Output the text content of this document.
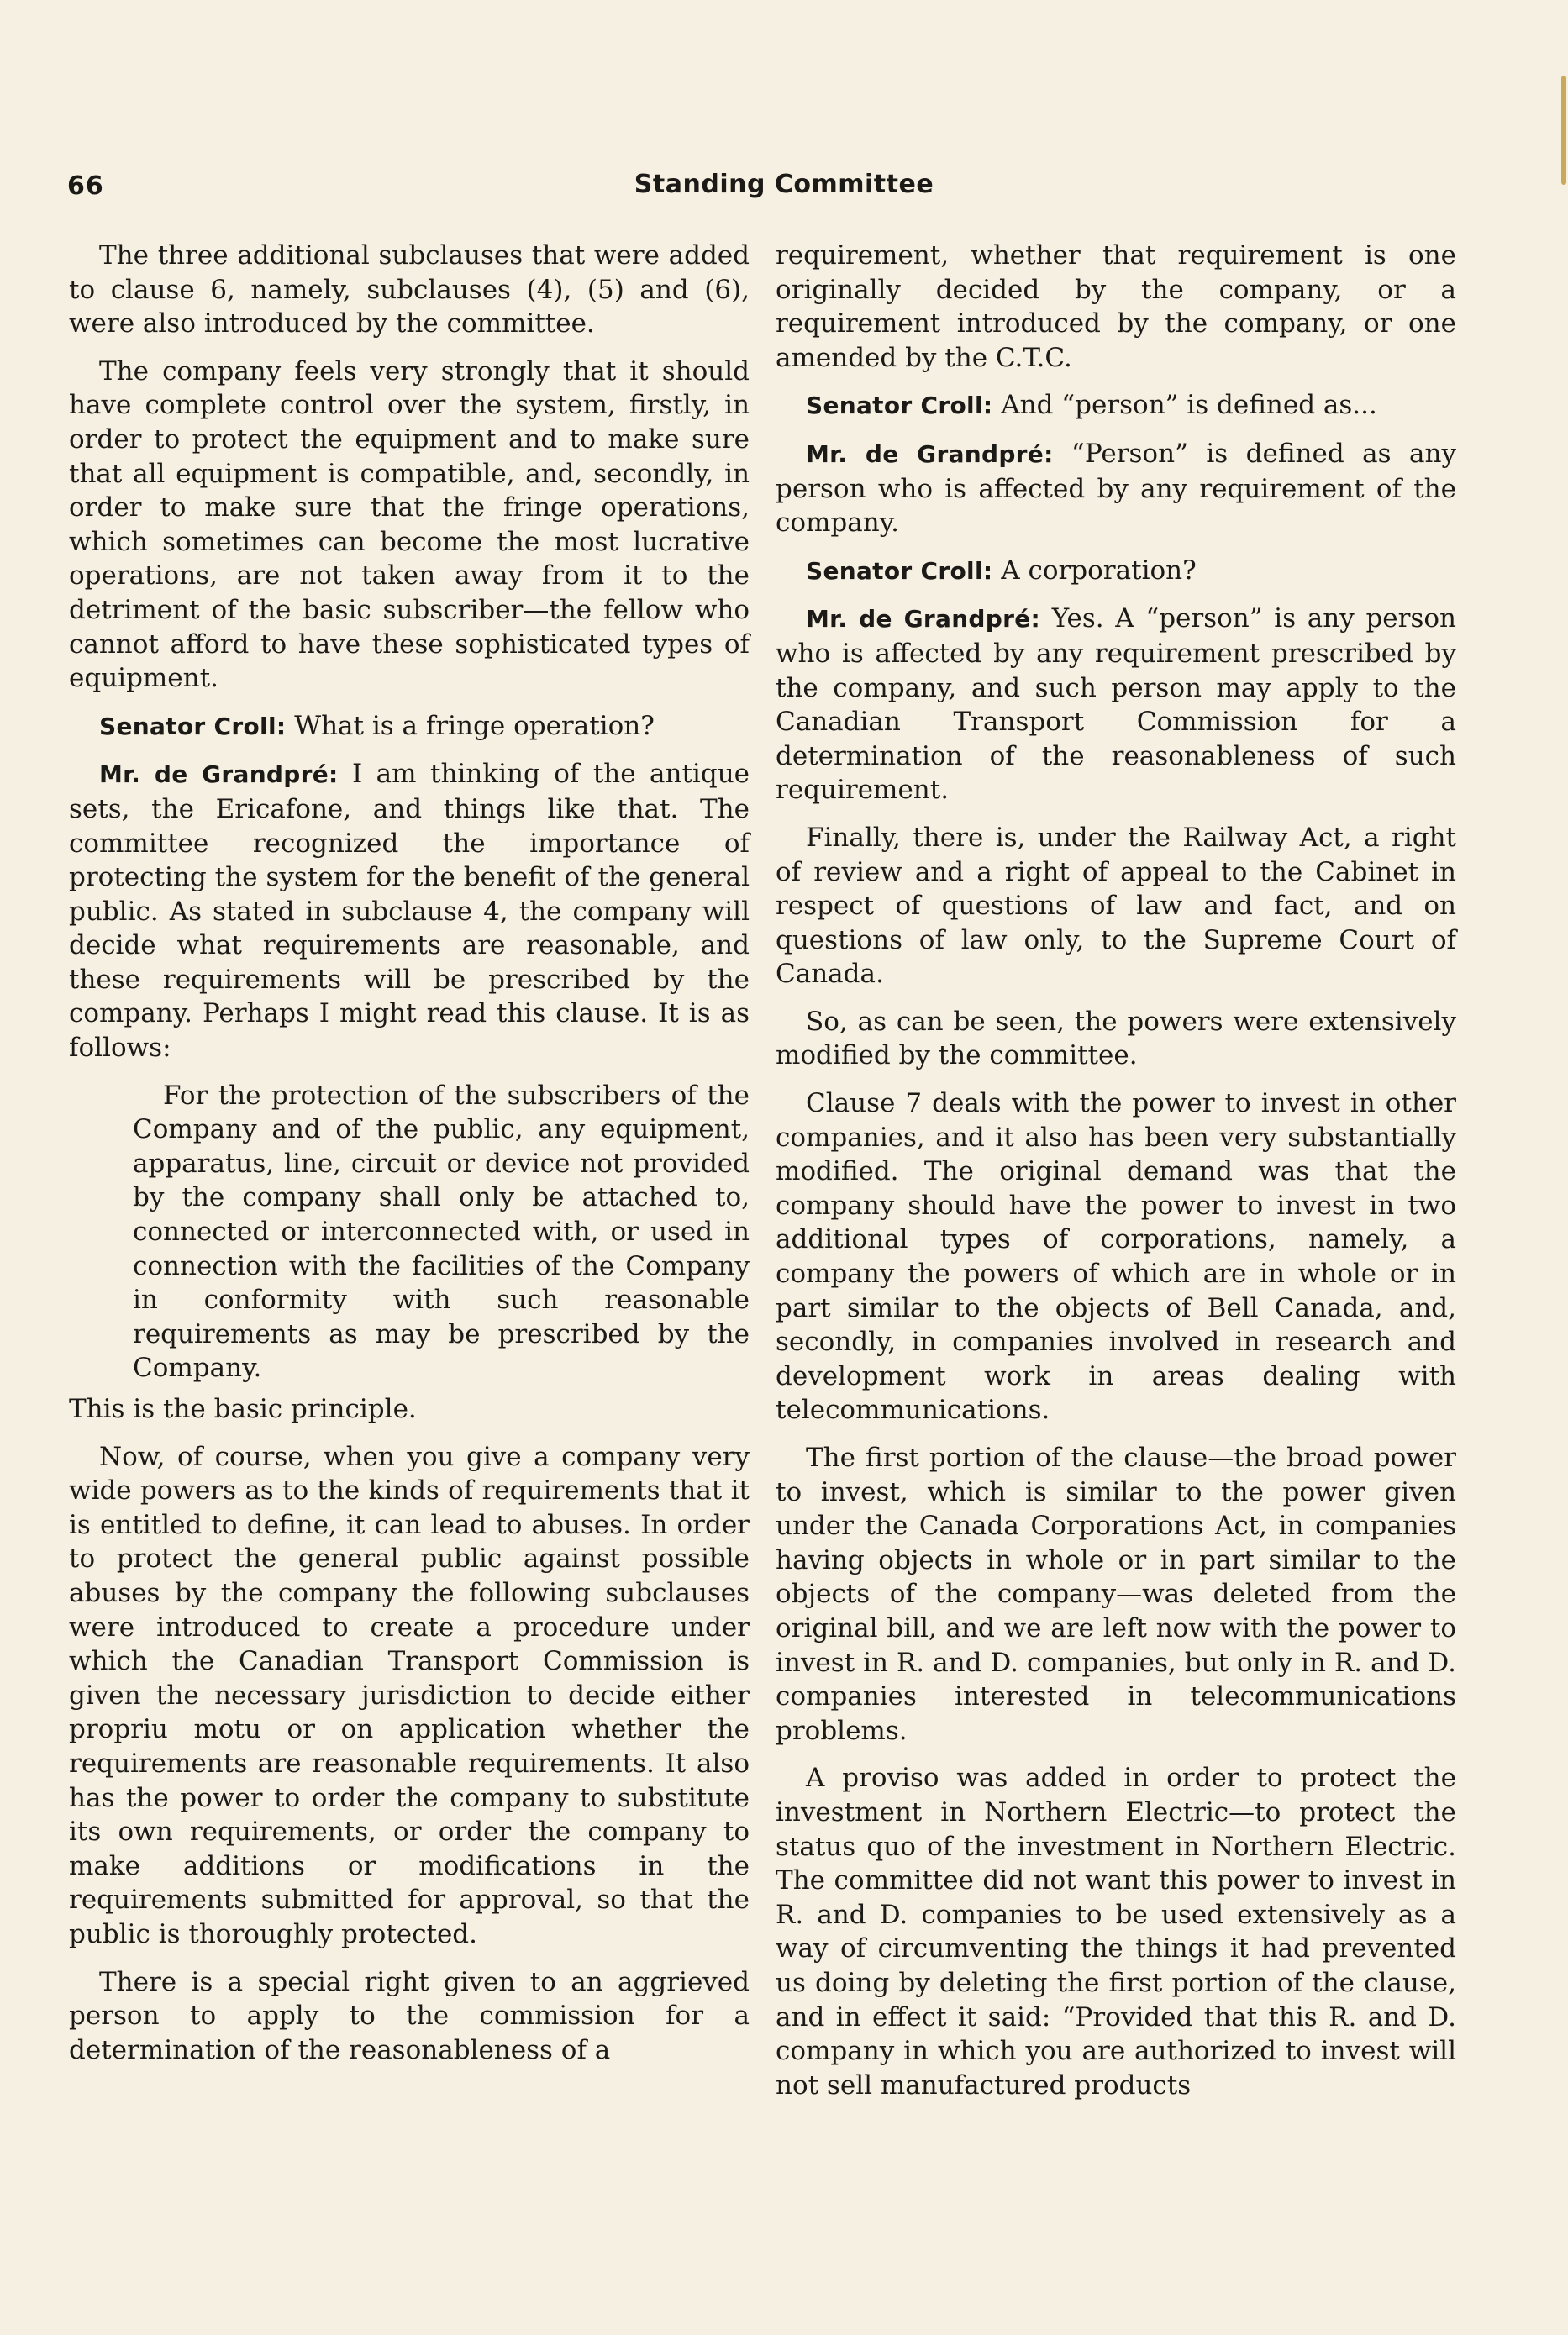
66	Standing Committee

The three additional subclauses that were added to clause 6, namely, subclauses (4), (5) and (6), were also introduced by the committee.

The company feels very strongly that it should have complete control over the system, firstly, in order to protect the equipment and to make sure that all equipment is compatible, and, secondly, in order to make sure that the fringe operations, which sometimes can become the most lucrative operations, are not taken away from it to the detriment of the basic subscriber—the fellow who cannot afford to have these sophisticated types of equipment.

Senator Croll: What is a fringe operation?

Mr. de Grandpré: I am thinking of the antique sets, the Ericafone, and things like that. The committee recognized the importance of protecting the system for the benefit of the general public. As stated in subclause 4, the company will decide what requirements are reasonable, and these requirements will be prescribed by the company. Perhaps I might read this clause. It is as follows:

For the protection of the subscribers of the Company and of the public, any equipment, apparatus, line, circuit or device not provided by the company shall only be attached to, connected or interconnected with, or used in connection with the facilities of the Company in conformity with such reasonable requirements as may be prescribed by the Company.

This is the basic principle.

Now, of course, when you give a company very wide powers as to the kinds of requirements that it is entitled to define, it can lead to abuses. In order to protect the general public against possible abuses by the company the following subclauses were introduced to create a procedure under which the Canadian Transport Commission is given the necessary jurisdiction to decide either propriu motu or on application whether the requirements are reasonable requirements. It also has the power to order the company to substitute its own requirements, or order the company to make additions or modifications in the requirements submitted for approval, so that the public is thoroughly protected.

There is a special right given to an aggrieved person to apply to the commission for a determination of the reasonableness of a

requirement, whether that requirement is one originally decided by the company, or a requirement introduced by the company, or one amended by the C.T.C.

Senator Croll: And “person” is defined as...

Mr. de Grandpré: “Person” is defined as any person who is affected by any requirement of the company.

Senator Croll: A corporation?

Mr. de Grandpré: Yes. A “person” is any person who is affected by any requirement prescribed by the company, and such person may apply to the Canadian Transport Commission for a determination of the reasonableness of such requirement.

Finally, there is, under the Railway Act, a right of review and a right of appeal to the Cabinet in respect of questions of law and fact, and on questions of law only, to the Supreme Court of Canada.

So, as can be seen, the powers were extensively modified by the committee.

Clause 7 deals with the power to invest in other companies, and it also has been very substantially modified. The original demand was that the company should have the power to invest in two additional types of corporations, namely, a company the powers of which are in whole or in part similar to the objects of Bell Canada, and, secondly, in companies involved in research and development work in areas dealing with telecommunications.

The first portion of the clause—the broad power to invest, which is similar to the power given under the Canada Corporations Act, in companies having objects in whole or in part similar to the objects of the company—was deleted from the original bill, and we are left now with the power to invest in R. and D. companies, but only in R. and D. companies interested in telecommunications problems.

A proviso was added in order to protect the investment in Northern Electric—to protect the status quo of the investment in Northern Electric. The committee did not want this power to invest in R. and D. companies to be used extensively as a way of circumventing the things it had prevented us doing by deleting the first portion of the clause, and in effect it said: “Provided that this R. and D. company in which you are authorized to invest will not sell manufactured products
